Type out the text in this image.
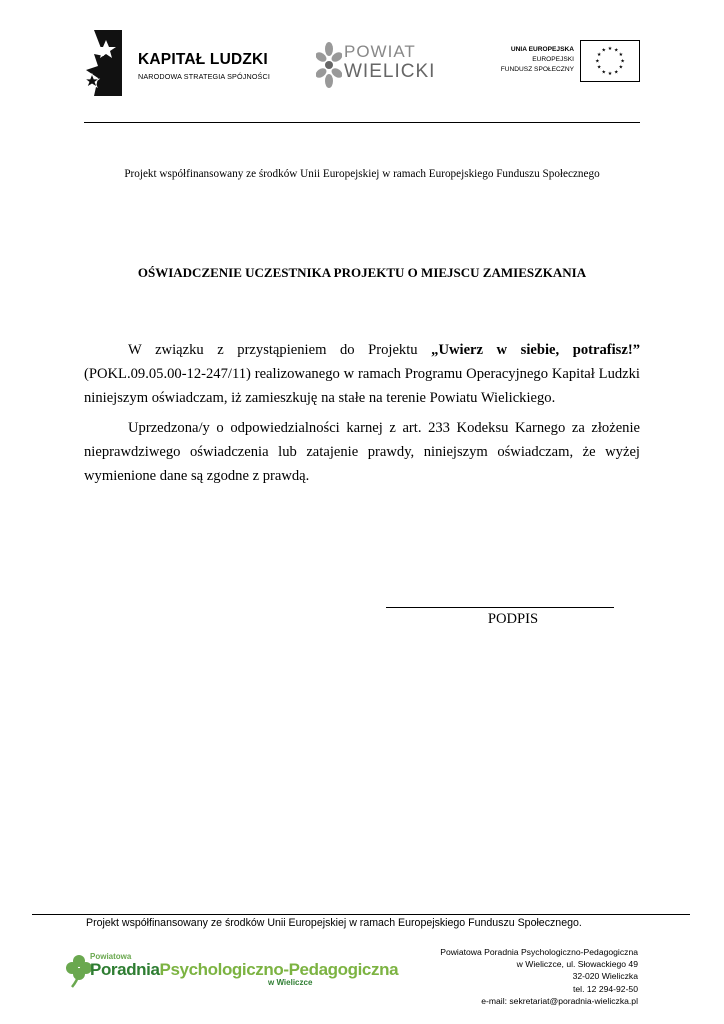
KAPITAŁ LUDZKI
NARODOWA STRATEGIA SPÓJNOŚCI
POWIAT
WIELICKI
UNIA EUROPEJSKA
EUROPEJSKI
FUNDUSZ SPOŁECZNY
★ ★
★
★
★
★
★
★
★
★
★
★
Projekt współfinansowany ze środków Unii Europejskiej w ramach Europejskiego Funduszu Społecznego
OŚWIADCZENIE UCZESTNIKA PROJEKTU O MIEJSCU ZAMIESZKANIA

W związku z przystąpieniem do Projektu „Uwierz w siebie, potrafisz!” (POKL.09.05.00-12-247/11) realizowanego w ramach Programu Operacyjnego Kapitał Ludzki niniejszym oświadczam, iż zamieszkuję na stałe na terenie Powiatu Wielickiego.

Uprzedzona/y o odpowiedzialności karnej z art. 233 Kodeksu Karnego za złożenie nieprawdziwego oświadczenia lub zatajenie prawdy, niniejszym oświadczam, że wyżej wymienione dane są zgodne z prawdą.

PODPIS
Projekt współfinansowany ze środków Unii Europejskiej w ramach Europejskiego Funduszu Społecznego.
Powiatowa
PoradniaPsychologiczno-Pedagogiczna
w Wieliczce
Powiatowa Poradnia Psychologiczno-Pedagogiczna
w Wieliczce, ul. Słowackiego 49
32-020 Wieliczka
tel. 12 294-92-50
e-mail: sekretariat@poradnia-wieliczka.pl
